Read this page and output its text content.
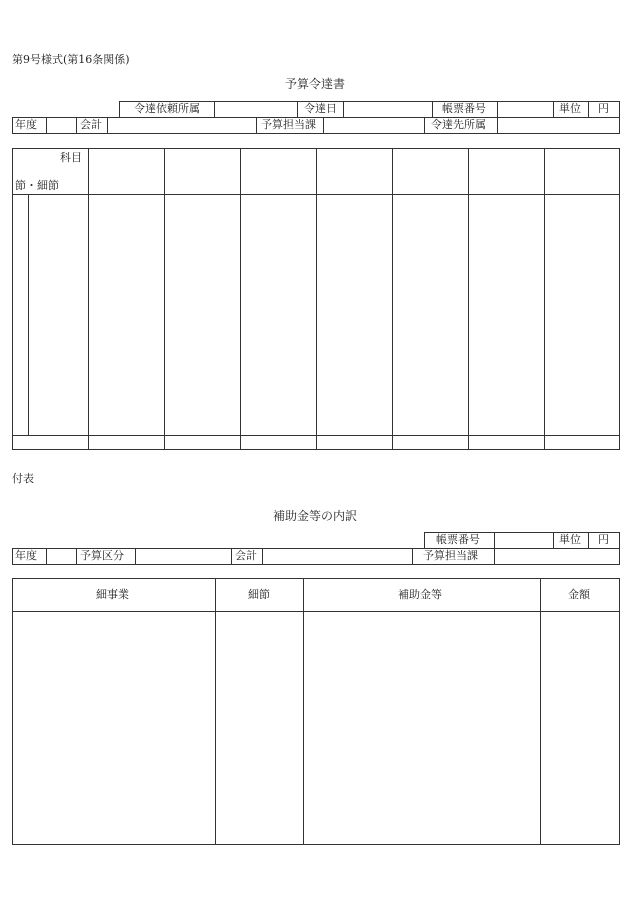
第9号様式(第16条関係)
予算令達書
令達依頼所属	令達日	帳票番号	単位 円
年度	会計	予算担当課	令達先所属
科目
節・細節
付表
補助金等の内訳
帳票番号	単位 円
年度	予算区分	会計	予算担当課
細事業	細節	補助金等	金額
